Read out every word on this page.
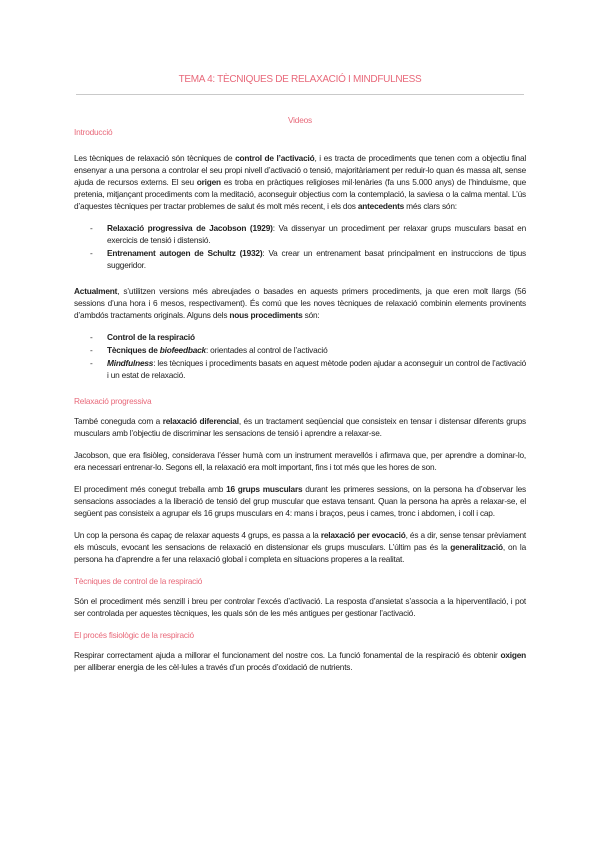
TEMA 4: TÈCNIQUES DE RELAXACIÓ I MINDFULNESS

Videos

Introducció

Les tècniques de relaxació són tècniques de control de l’activació, i es tracta de procediments que tenen com a objectiu final ensenyar a una persona a controlar el seu propi nivell d’activació o tensió, majoritàriament per reduir-lo quan és massa alt, sense ajuda de recursos externs. El seu origen es troba en pràctiques religioses mil·lenàries (fa uns 5.000 anys) de l’hinduisme, que pretenia, mitjançant procediments com la meditació, aconseguir objectius com la contemplació, la saviesa o la calma mental. L’ús d’aquestes tècniques per tractar problemes de salut és molt més recent, i els dos antecedents més clars són:

- Relaxació progressiva de Jacobson (1929): Va dissenyar un procediment per relaxar grups musculars basat en exercicis de tensió i distensió.
- Entrenament autogen de Schultz (1932): Va crear un entrenament basat principalment en instruccions de tipus suggeridor.

Actualment, s’utilitzen versions més abreujades o basades en aquests primers procediments, ja que eren molt llargs (56 sessions d’una hora i 6 mesos, respectivament). És comú que les noves tècniques de relaxació combinin elements provinents d’ambdós tractaments originals. Alguns dels nous procediments són:

- Control de la respiració
- Tècniques de biofeedback: orientades al control de l’activació
- Mindfulness: les tècniques i procediments basats en aquest mètode poden ajudar a aconseguir un control de l’activació i un estat de relaxació.
Relaxació progressiva

També coneguda com a relaxació diferencial, és un tractament seqüencial que consisteix en tensar i distensar diferents grups musculars amb l’objectiu de discriminar les sensacions de tensió i aprendre a relaxar-se.

Jacobson, que era fisiòleg, considerava l’ésser humà com un instrument meravellós i afirmava que, per aprendre a dominar-lo, era necessari entrenar-lo. Segons ell, la relaxació era molt important, fins i tot més que les hores de son.

El procediment més conegut treballa amb 16 grups musculars durant les primeres sessions, on la persona ha d’observar les sensacions associades a la liberació de tensió del grup muscular que estava tensant. Quan la persona ha après a relaxar-se, el següent pas consisteix a agrupar els 16 grups musculars en 4: mans i braços, peus i cames, tronc i abdomen, i coll i cap.

Un cop la persona és capaç de relaxar aquests 4 grups, es passa a la relaxació per evocació, és a dir, sense tensar prèviament els músculs, evocant les sensacions de relaxació en distensionar els grups musculars. L’últim pas és la generalització, on la persona ha d’aprendre a fer una relaxació global i completa en situacions properes a la realitat.

Tècniques de control de la respiració

Són el procediment més senzill i breu per controlar l’excés d’activació. La resposta d’ansietat s’associa a la hiperventilació, i pot ser controlada per aquestes tècniques, les quals són de les més antigues per gestionar l’activació.

El procés fisiològic de la respiració

Respirar correctament ajuda a millorar el funcionament del nostre cos. La funció fonamental de la respiració és obtenir oxigen per alliberar energia de les cèl·lules a través d’un procés d’oxidació de nutrients.
